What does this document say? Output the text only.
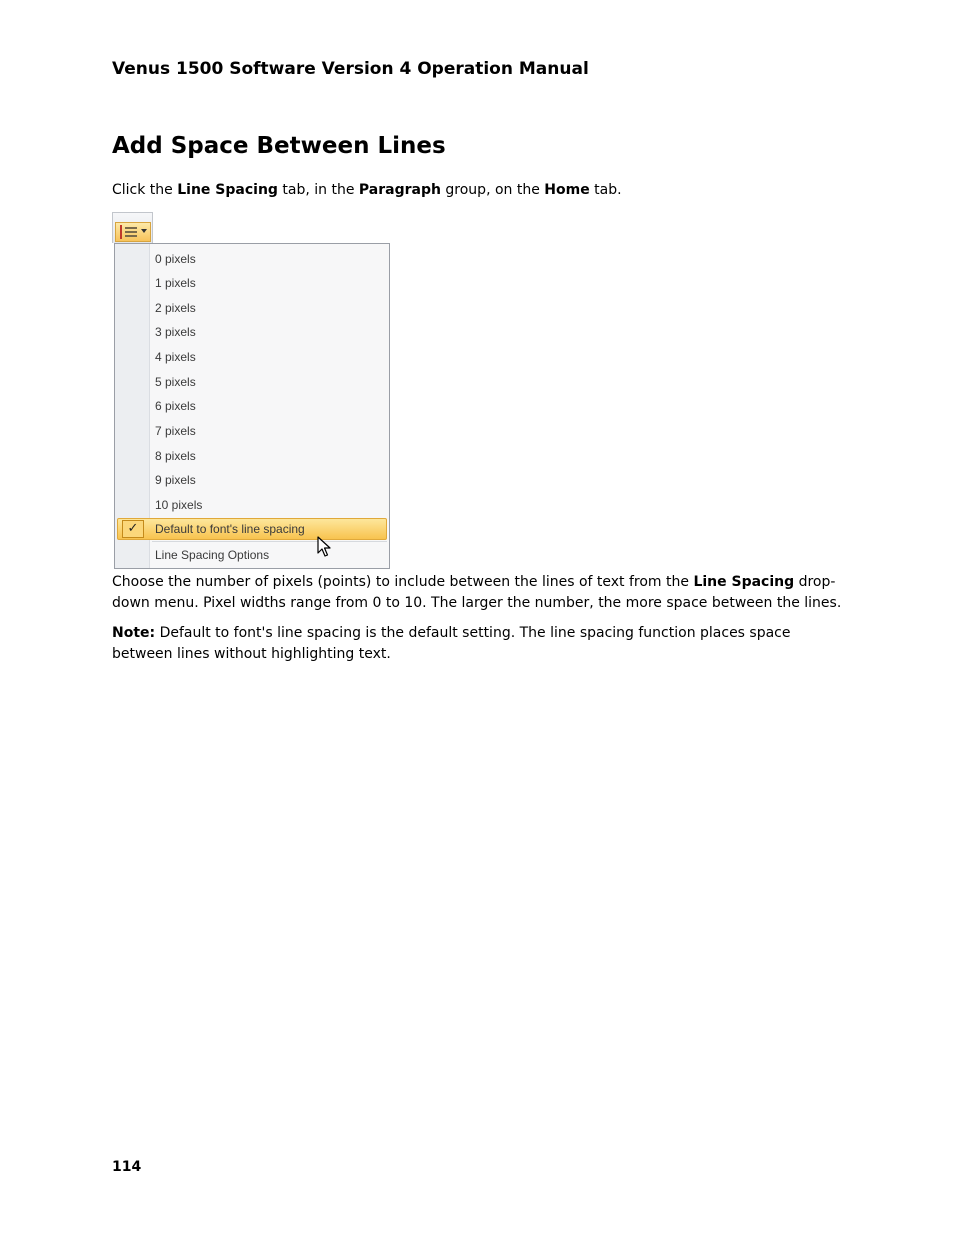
Venus 1500 Software Version 4 Operation Manual
Add Space Between Lines
Click the Line Spacing tab, in the Paragraph group, on the Home tab.
0 pixels
1 pixels
2 pixels
3 pixels
4 pixels
5 pixels
6 pixels
7 pixels
8 pixels
9 pixels
10 pixels
✓	Default to font's line spacing
Line Spacing Options
Choose the number of pixels (points) to include between the lines of text from the Line Spacing drop-down menu. Pixel widths range from 0 to 10. The larger the number, the more space between the lines.
Note: Default to font's line spacing is the default setting. The line spacing function places space between lines without highlighting text.
114
